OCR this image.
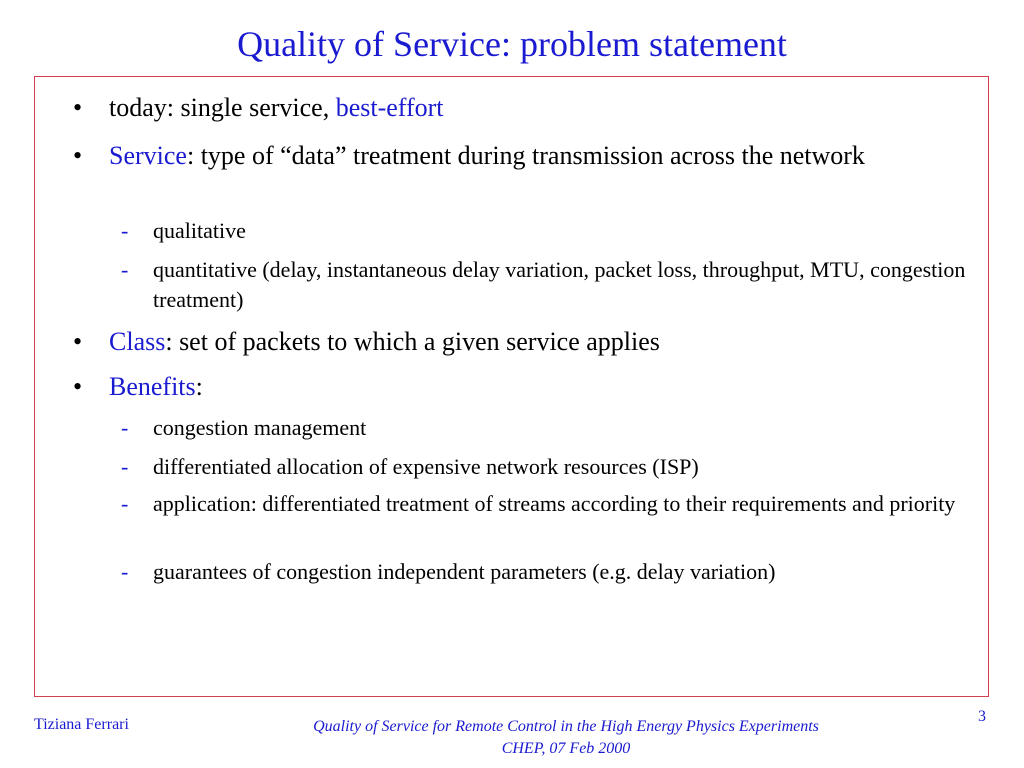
Quality of Service: problem statement
• today: single service, best-effort
• Service: type of “data” treatment during transmission across the network
- qualitative
- quantitative (delay, instantaneous delay variation, packet loss, throughput, MTU, congestion treatment)
• Class: set of packets to which a given service applies
• Benefits:
- congestion management
- differentiated allocation of expensive network resources (ISP)
- application: differentiated treatment of streams according to their requirements and priority
- guarantees of congestion independent parameters (e.g. delay variation)
Tiziana Ferrari	Quality of Service for Remote Control in the High Energy Physics Experiments
CHEP, 07 Feb 2000
3
